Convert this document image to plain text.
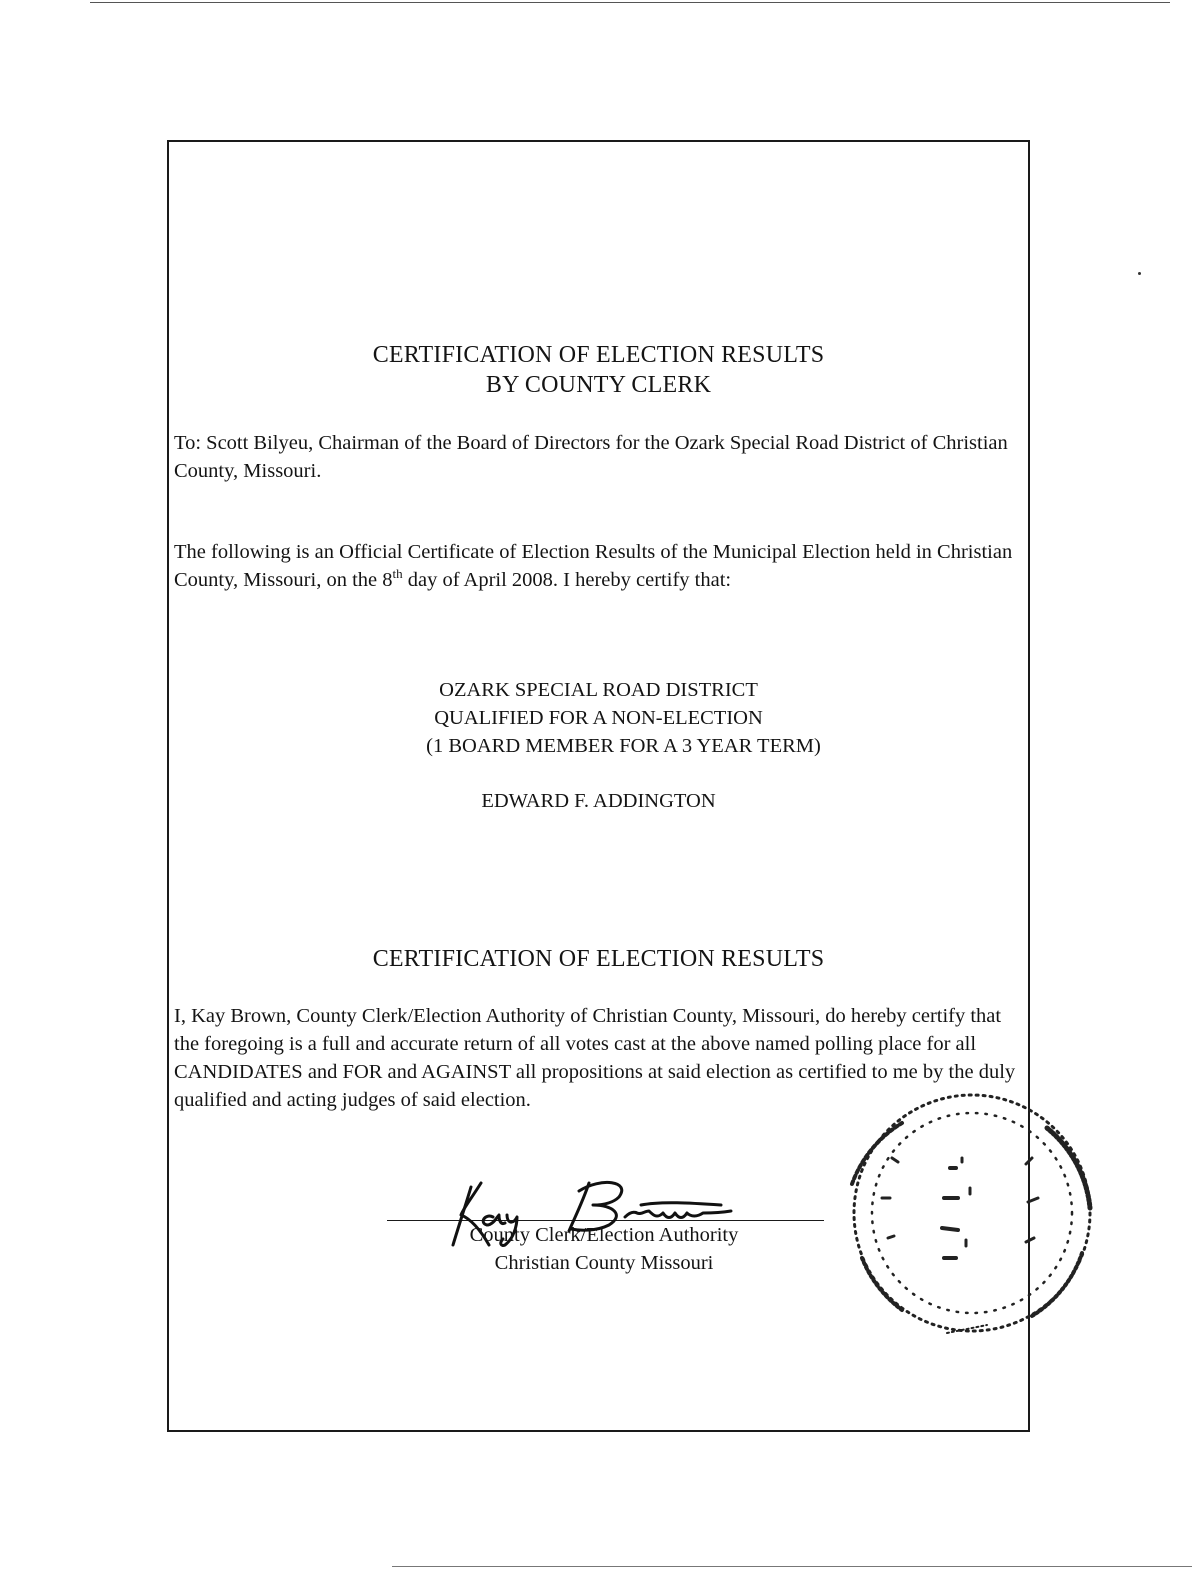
CERTIFICATION OF ELECTION RESULTS
BY COUNTY CLERK
To: Scott Bilyeu, Chairman of the Board of Directors for the Ozark Special Road District of Christian County, Missouri.
The following is an Official Certificate of Election Results of the Municipal Election held in Christian County, Missouri, on the 8th day of April 2008. I hereby certify that:
OZARK SPECIAL ROAD DISTRICT
QUALIFIED FOR A NON-ELECTION
(1 BOARD MEMBER FOR A 3 YEAR TERM)
EDWARD F. ADDINGTON
CERTIFICATION OF ELECTION RESULTS
I, Kay Brown, County Clerk/Election Authority of Christian County, Missouri, do hereby certify that the foregoing is a full and accurate return of all votes cast at the above named polling place for all CANDIDATES and FOR and AGAINST all propositions at said election as certified to me by the duly qualified and acting judges of said election.
County Clerk/Election Authority
Christian County Missouri
